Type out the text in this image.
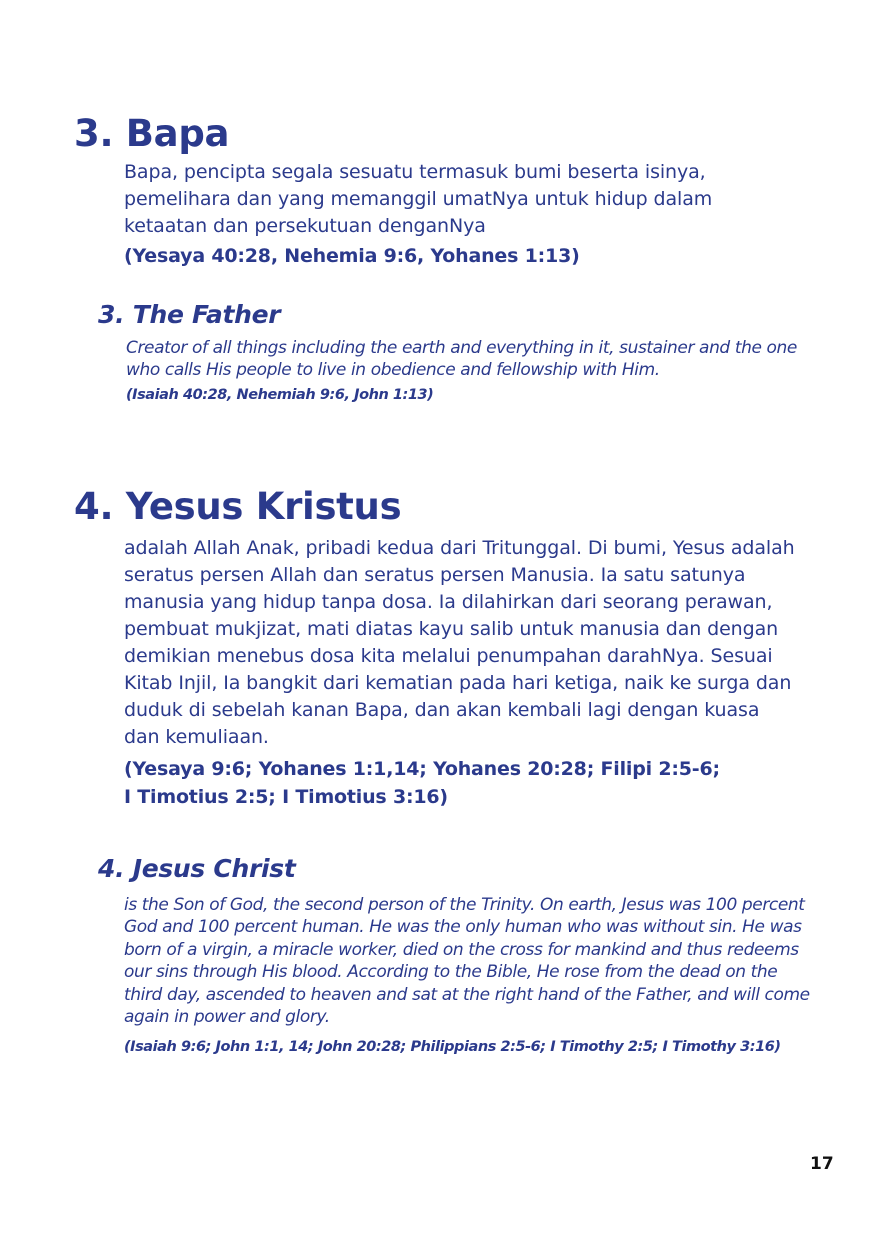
3. Bapa

Bapa, pencipta segala sesuatu termasuk bumi beserta isinya, pemelihara dan yang memanggil umatNya untuk hidup dalam ketaatan dan persekutuan denganNya

(Yesaya 40:28, Nehemia 9:6, Yohanes 1:13)

3. The Father

Creator of all things including the earth and everything in it, sustainer and the one who calls His people to live in obedience and fellowship with Him.

(Isaiah 40:28, Nehemiah 9:6, John 1:13)

4. Yesus Kristus

adalah Allah Anak, pribadi kedua dari Tritunggal. Di bumi, Yesus adalah seratus persen Allah dan seratus persen Manusia. Ia satu satunya manusia yang hidup tanpa dosa. Ia dilahirkan dari seorang perawan, pembuat mukjizat, mati diatas kayu salib untuk manusia dan dengan demikian menebus dosa kita melalui penumpahan darahNya. Sesuai Kitab Injil, Ia bangkit dari kematian pada hari ketiga, naik ke surga dan duduk di sebelah kanan Bapa, dan akan kembali lagi dengan kuasa dan kemuliaan.

(Yesaya 9:6; Yohanes 1:1,14; Yohanes 20:28; Filipi 2:5-6; I Timotius 2:5; I Timotius 3:16)

4. Jesus Christ

is the Son of God, the second person of the Trinity. On earth, Jesus was 100 percent God and 100 percent human. He was the only human who was without sin. He was born of a virgin, a miracle worker, died on the cross for mankind and thus redeems our sins through His blood. According to the Bible, He rose from the dead on the third day, ascended to heaven and sat at the right hand of the Father, and will come again in power and glory.

(Isaiah 9:6; John 1:1, 14; John 20:28; Philippians 2:5-6; I Timothy 2:5; I Timothy 3:16)

17
